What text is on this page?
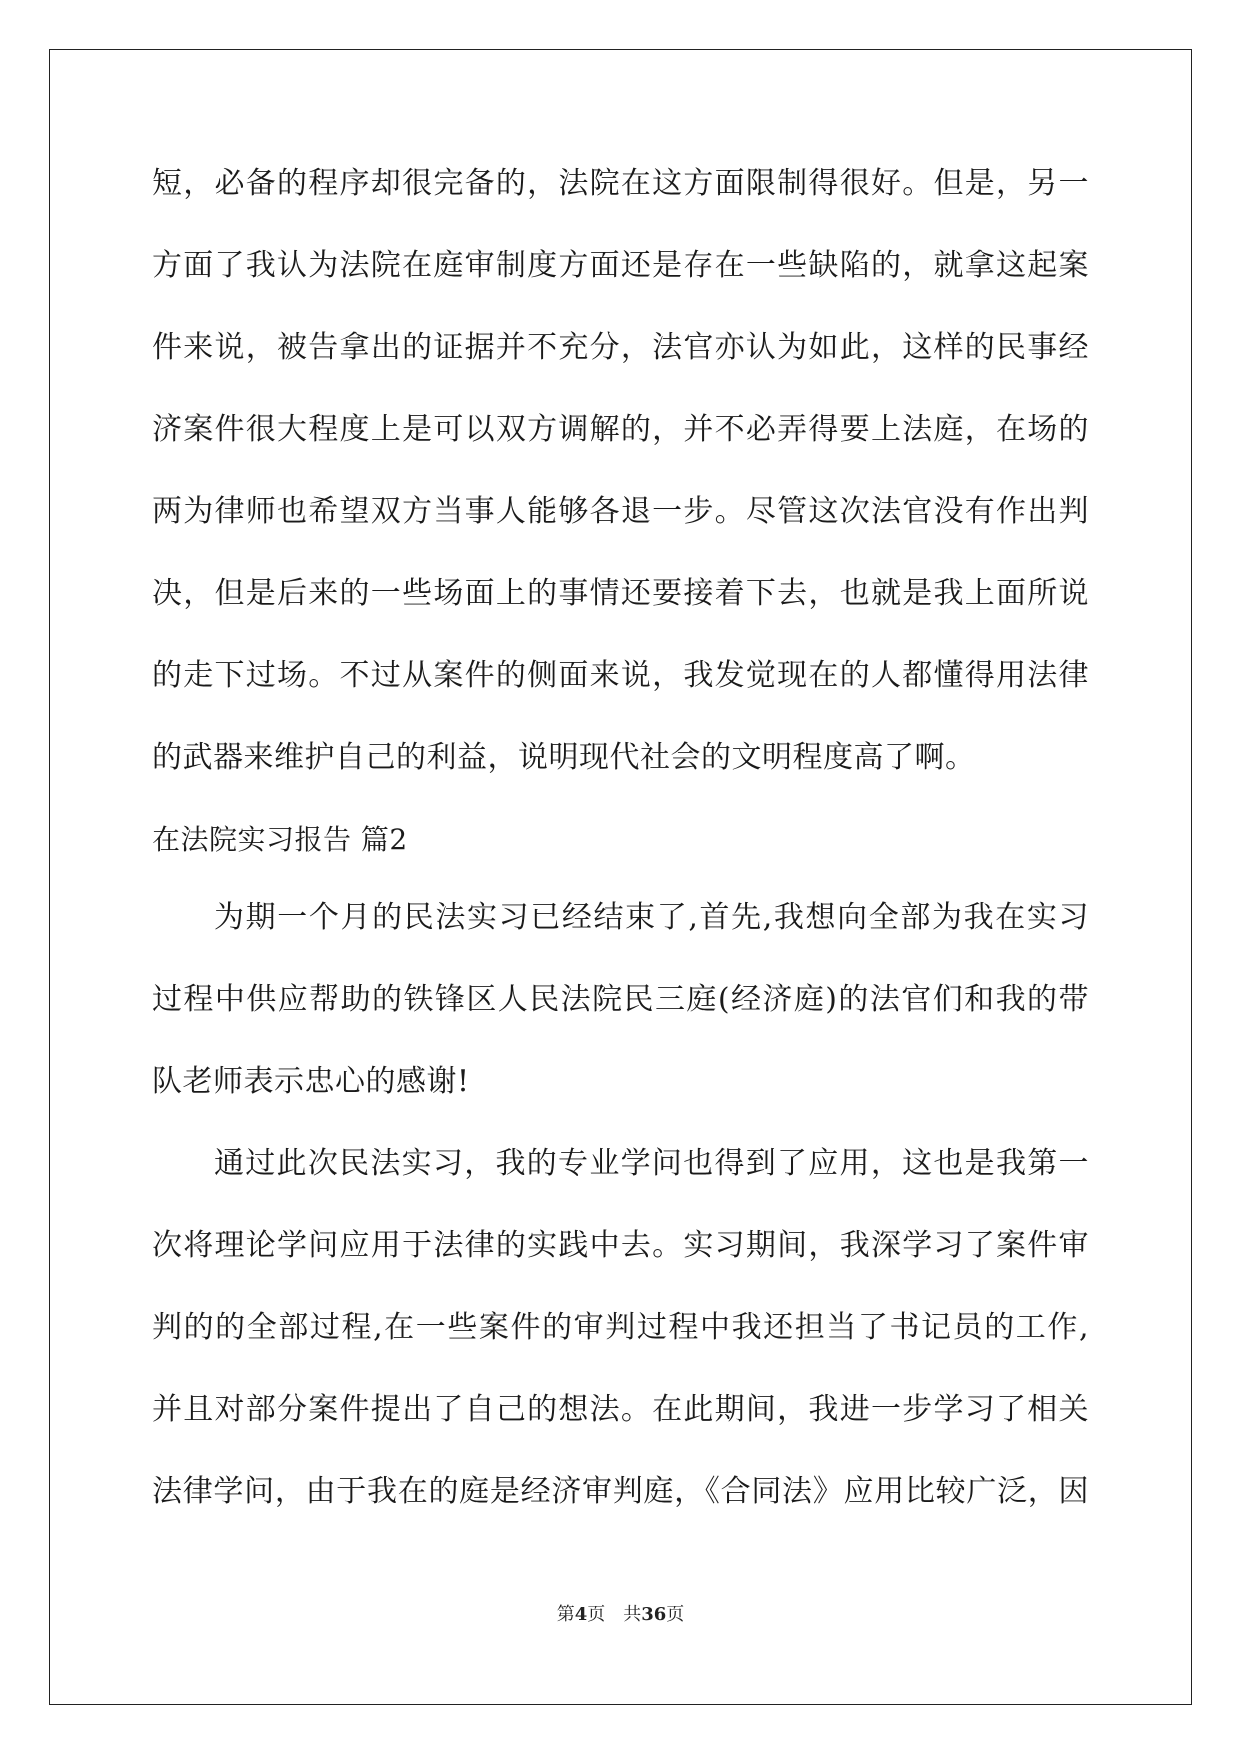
短，必备的程序却很完备的，法院在这方面限制得很好。但是，另一
方面了我认为法院在庭审制度方面还是存在一些缺陷的，就拿这起案
件来说，被告拿出的证据并不充分，法官亦认为如此，这样的民事经
济案件很大程度上是可以双方调解的，并不必弄得要上法庭，在场的
两为律师也希望双方当事人能够各退一步。尽管这次法官没有作出判
决，但是后来的一些场面上的事情还要接着下去，也就是我上面所说
的走下过场。不过从案件的侧面来说，我发觉现在的人都懂得用法律
的武器来维护自己的利益，说明现代社会的文明程度高了啊。
在法院实习报告 篇2
为期一个月的民法实习已经结束了,首先,我想向全部为我在实习
过程中供应帮助的铁锋区人民法院民三庭(经济庭)的法官们和我的带
队老师表示忠心的感谢!
通过此次民法实习，我的专业学问也得到了应用，这也是我第一
次将理论学问应用于法律的实践中去。实习期间，我深学习了案件审
判的的全部过程,在一些案件的审判过程中我还担当了书记员的工作,
并且对部分案件提出了自己的想法。在此期间，我进一步学习了相关
法律学问，由于我在的庭是经济审判庭，《合同法》应用比较广泛，因
第4页 共36页
